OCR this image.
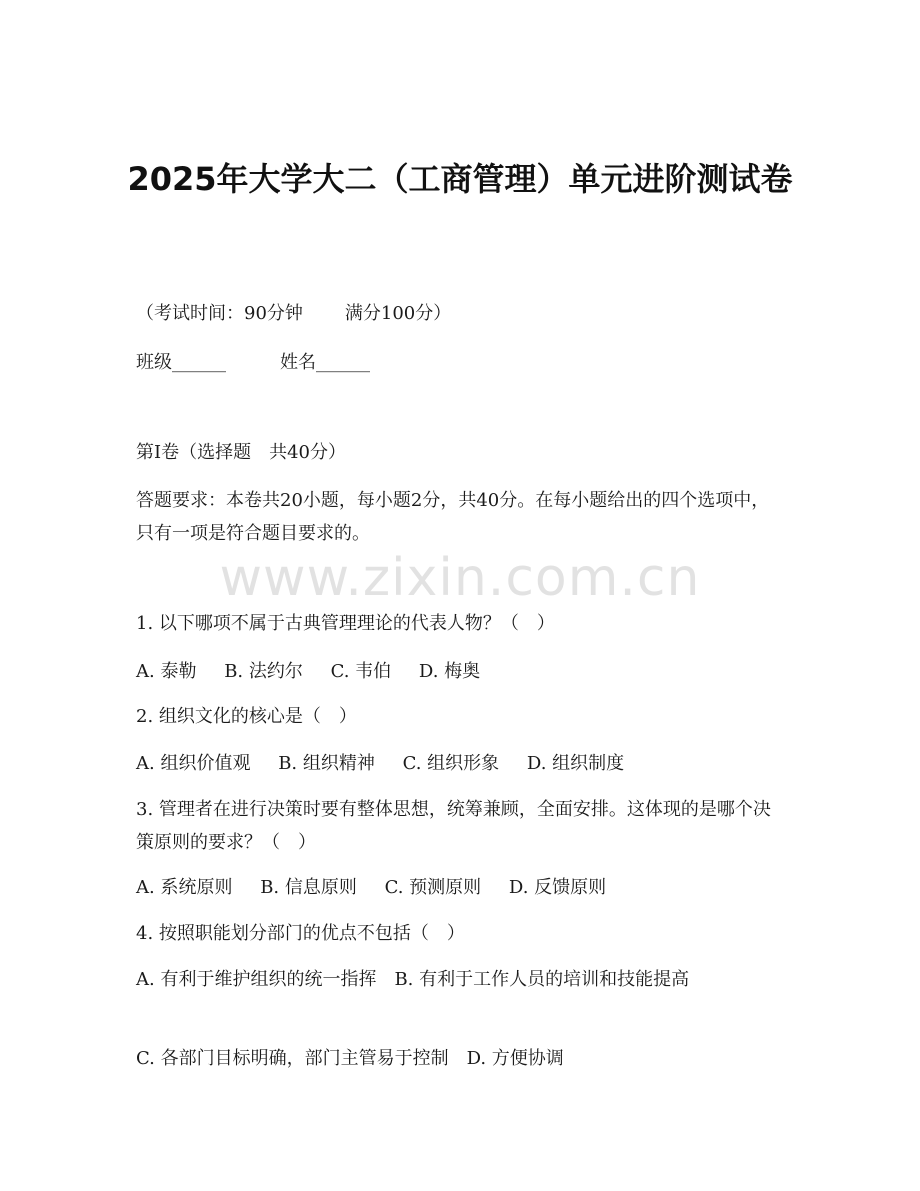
2025年大学大二（工商管理）单元进阶测试卷
（考试时间：90分钟 满分100分）
班级______	姓名______
第I卷（选择题　共40分）
答题要求：本卷共20小题，每小题2分，共40分。在每小题给出的四个选项中，只有一项是符合题目要求的。
1. 以下哪项不属于古典管理理论的代表人物？（　）
A. 泰勒 B. 法约尔 C. 韦伯 D. 梅奥
2. 组织文化的核心是（　）
A. 组织价值观 B. 组织精神 C. 组织形象 D. 组织制度
3. 管理者在进行决策时要有整体思想，统筹兼顾，全面安排。这体现的是哪个决策原则的要求？（　）
A. 系统原则 B. 信息原则 C. 预测原则 D. 反馈原则
4. 按照职能划分部门的优点不包括（　）
A. 有利于维护组织的统一指挥　B. 有利于工作人员的培训和技能提高
C. 各部门目标明确，部门主管易于控制　D. 方便协调
www.zixin.com.cn
